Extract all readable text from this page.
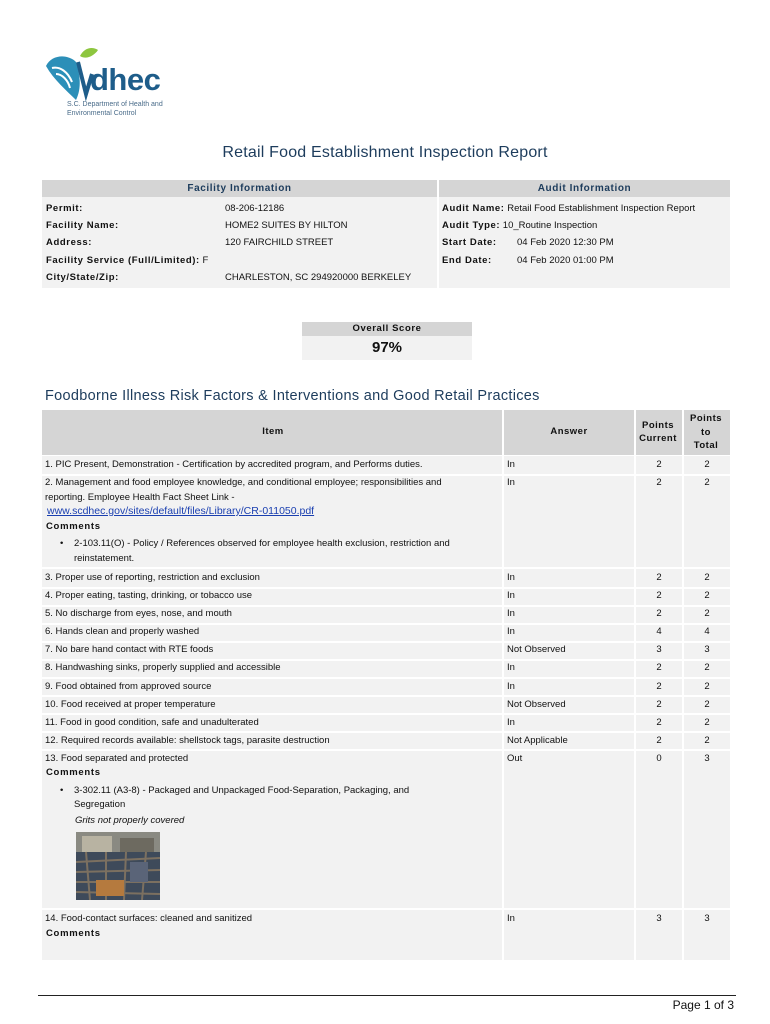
dhec
S.C. Department of Health and
Environmental Control
Retail Food Establishment Inspection Report
Facility Information	Audit Information
Permit:	08-206-12186
Facility Name:	HOME2 SUITES BY HILTON
Address:	120 FAIRCHILD STREET
Facility Service (Full/Limited): F
City/State/Zip:	CHARLESTON, SC 294920000 BERKELEY
Audit Name: Retail Food Establishment Inspection Report
Audit Type: 10_Routine Inspection
Start Date: 04 Feb 2020 12:30 PM
End Date:	04 Feb 2020 01:00 PM
Overall Score
97%
Foodborne Illness Risk Factors & Interventions and Good Retail Practices
Item	Answer
Points
Current
Points
to
Total
1. PIC Present, Demonstration - Certification by accredited program, and Performs duties.	In	2	2
2. Management and food employee knowledge, and conditional employee; responsibilities and
reporting. Employee Health Fact Sheet Link -
www.scdhec.gov/sites/default/files/Library/CR-011050.pdf
Comments
• 2-103.11(O) - Policy / References observed for employee health exclusion, restriction and
reinstatement.
In	2	2
3. Proper use of reporting, restriction and exclusion	In	2	2
4. Proper eating, tasting, drinking, or tobacco use	In	2	2
5. No discharge from eyes, nose, and mouth	In	2	2
6. Hands clean and properly washed	In	4	4
7. No bare hand contact with RTE foods	Not Observed	3	3
8. Handwashing sinks, properly supplied and accessible	In	2	2
9. Food obtained from approved source	In	2	2
10. Food received at proper temperature	Not Observed	2	2
11. Food in good condition, safe and unadulterated	In	2	2
12. Required records available: shellstock tags, parasite destruction	Not Applicable	2	2
13. Food separated and protected
Comments
• 3-302.11 (A3-8) - Packaged and Unpackaged Food-Separation, Packaging, and
Segregation
Grits not properly covered
Out	0	3
14. Food-contact surfaces: cleaned and sanitized
Comments
In	3	3
Page 1 of 3
